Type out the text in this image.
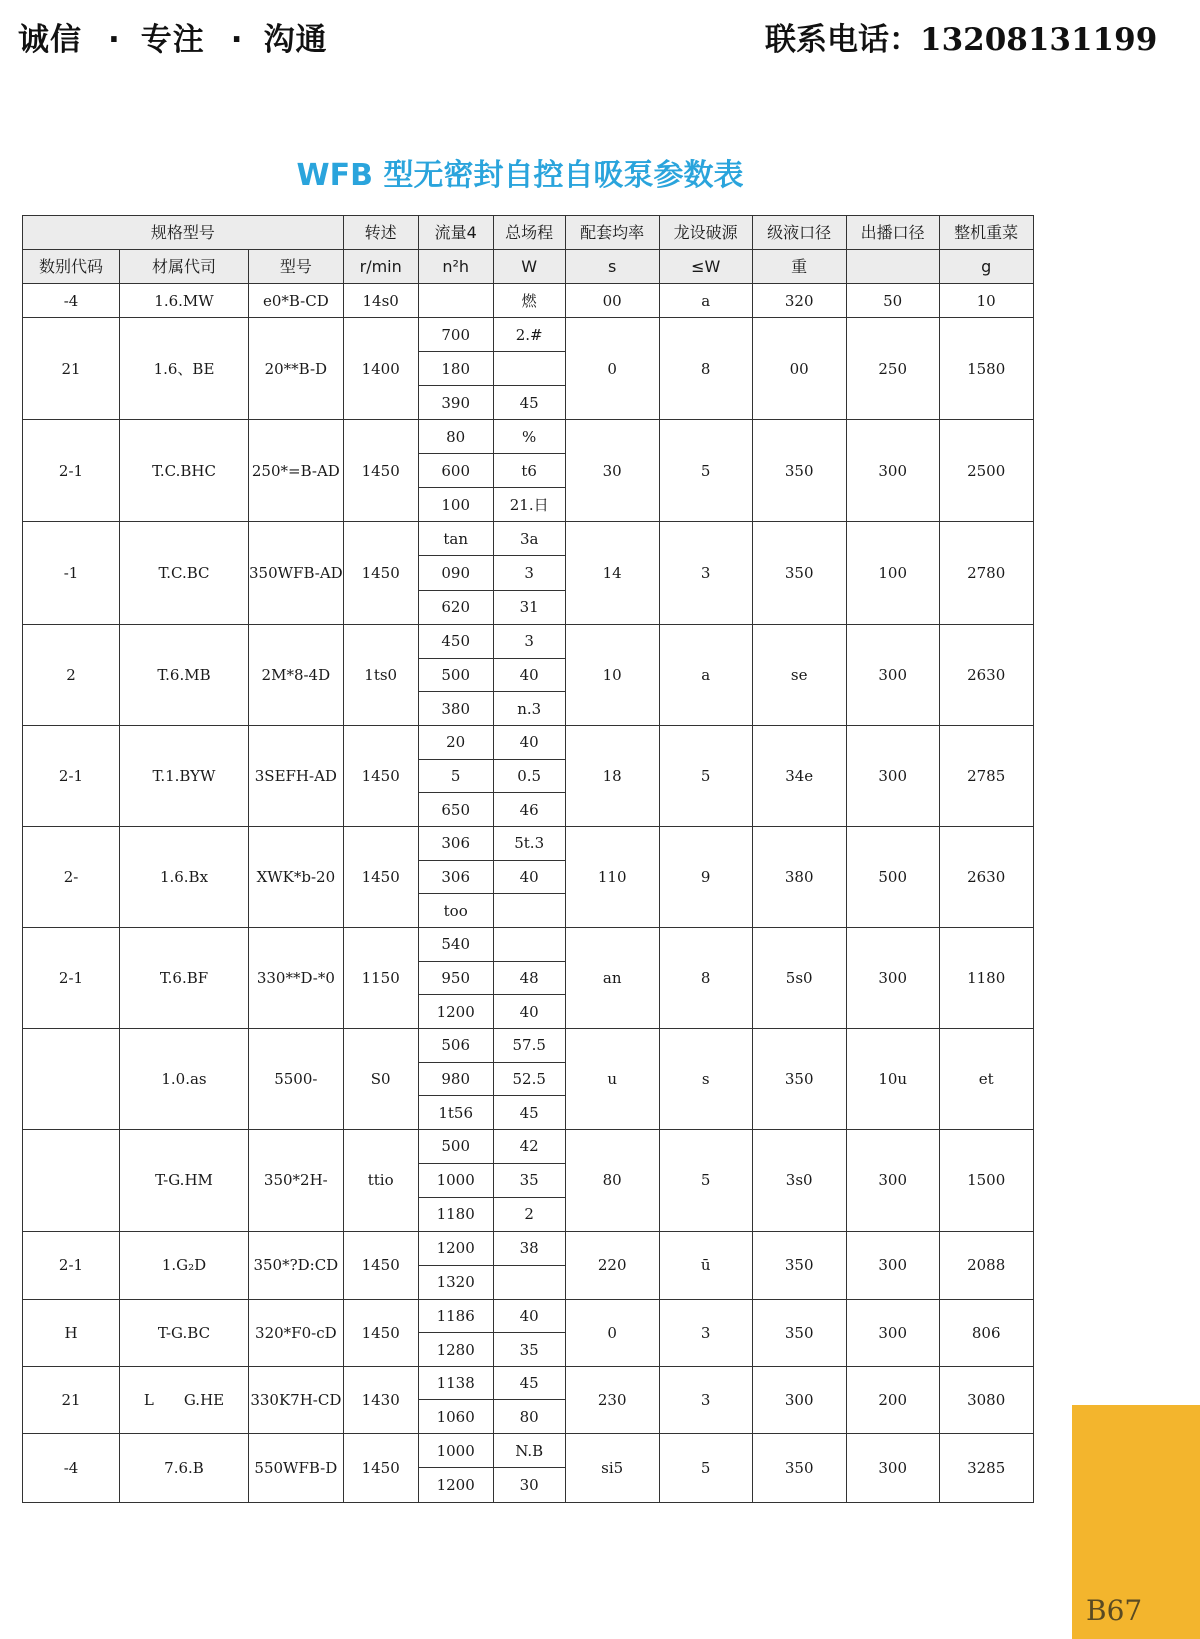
诚信 · 专注 · 沟通	联系电话：13208131199
WFB 型无密封自控自吸泵参数表
规格型号			转述	流量4	总场程	配套均率	龙设破源	级液口径	出播口径	整机重菜
数别代码	材属代司	型号	r/min	n²h	W	s	≤W	重		g
-4	1.6.MW	e0*B-CD	14s0		燃	00	a	320	50	10
21	1.6、BE	20**B-D	1400	700	2.#	0	8	00	250	1580
				180						
				390	45					
2-1	T.C.BHC	250*=B-AD	1450	80	%	30	5	350	300	2500
				600	t6					
				100	21.日					
-1	T.C.BC	350WFB-AD	1450	tan	3a	14	3	350	100	2780
				090	3					
				620	31					
2	T.6.MB	2M*8-4D	1ts0	450	3	10	a	se	300	2630
				500	40					
				380	n.3					
2-1	T.1.BYW	3SEFH-AD	1450	20	40	18	5	34e	300	2785
				5	0.5					
				650	46					
2-	1.6.Bx	XWK*b-20	1450	306	5t.3	110	9	380	500	2630
				306	40					
				too						
2-1	T.6.BF	330**D-*0	1150	540		an	8	5s0	300	1180
				950	48					
				1200	40					
	1.0.as	5500-	S0	506	57.5	u	s	350	10u	et
				980	52.5					
				1t56	45					
	T-G.HM	350*2H-	ttio	500	42	80	5	3s0	300	1500
				1000	35					
				1180	2					
2-1	1.G₂D	350*?D:CD	1450	1200	38	220	ū	350	300	2088
				1320						
H	T-G.BC	320*F0-cD	1450	1186	40	0	3	350	300	806
				1280	35					
21	L　　G.HE	330K7H-CD	1430	1138	45	230	3	300	200	3080
				1060	80					
-4	7.6.B	550WFB-D	1450	1000	N.B	si5	5	350	300	3285
				1200	30					
B67
